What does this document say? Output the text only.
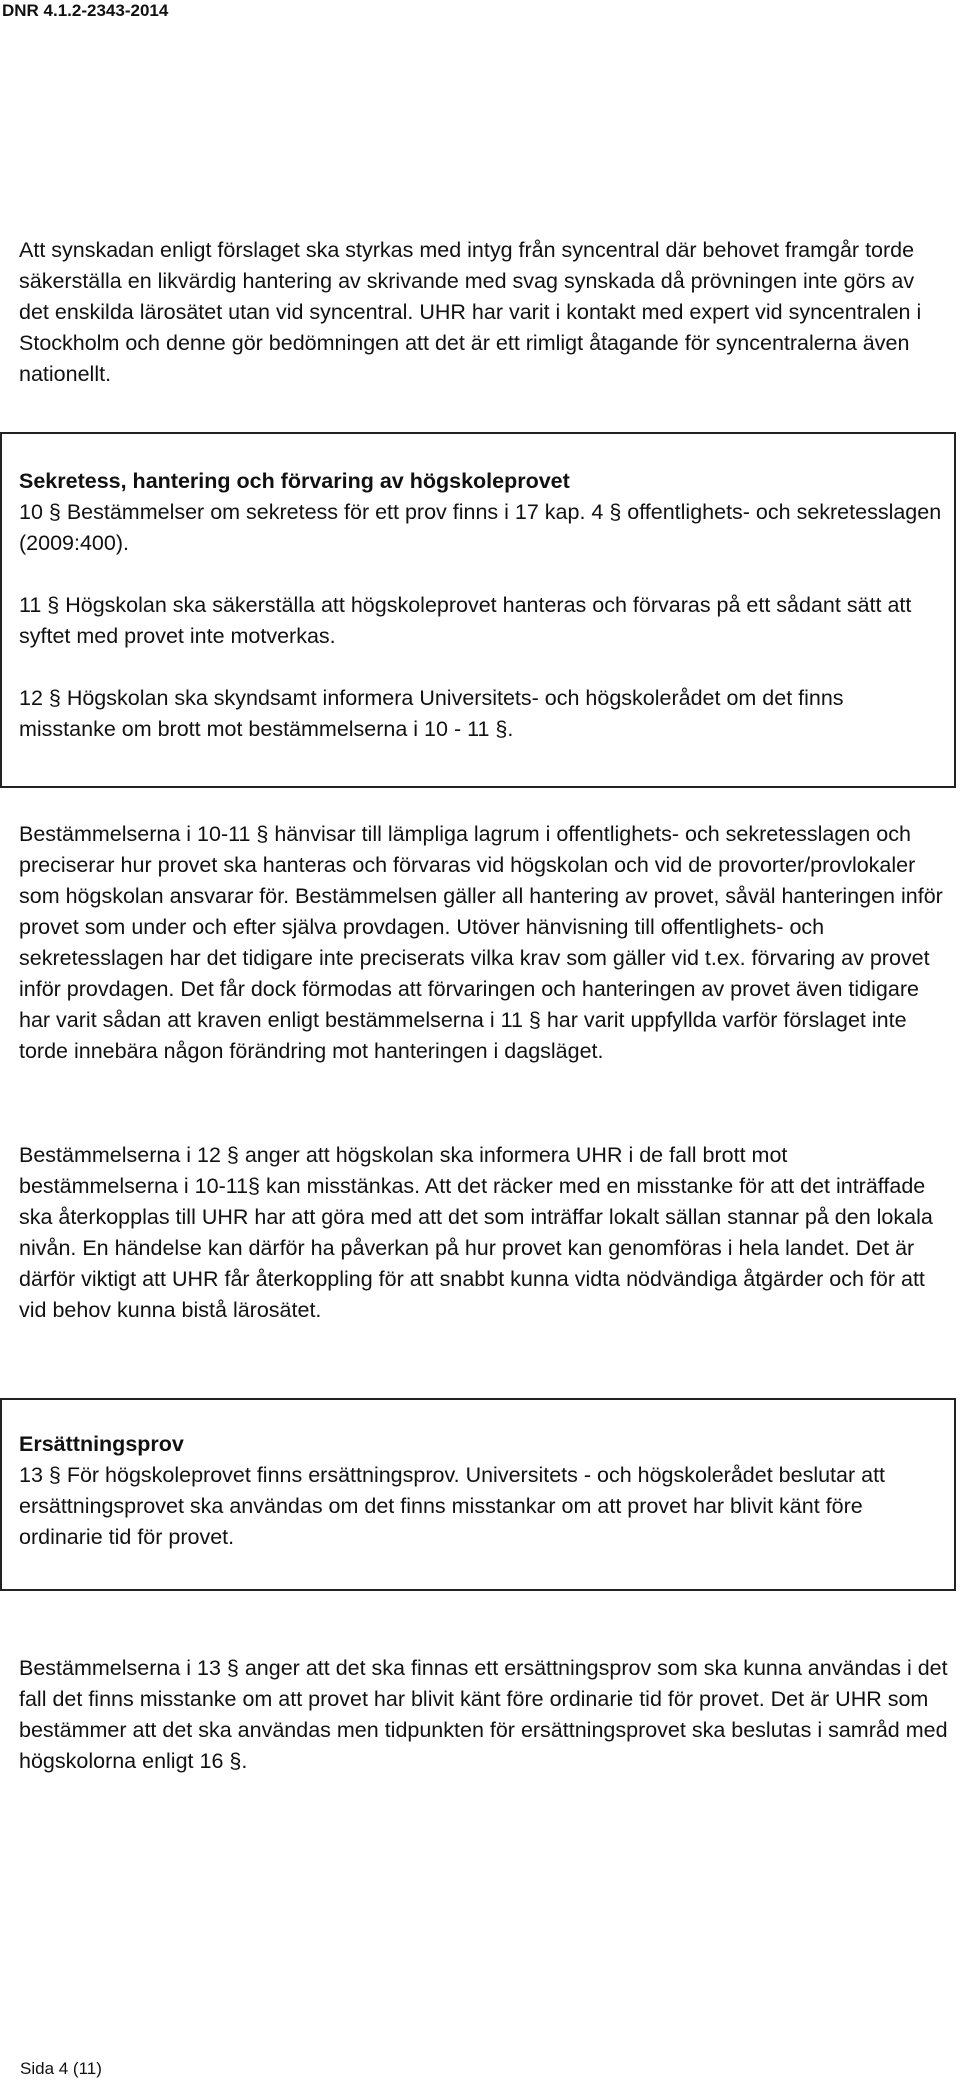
DNR 4.1.2-2343-2014

Att synskadan enligt förslaget ska styrkas med intyg från syncentral där behovet framgår torde säkerställa en likvärdig hantering av skrivande med svag synskada då prövningen inte görs av det enskilda lärosätet utan vid syncentral. UHR har varit i kontakt med expert vid syncentralen i Stockholm och denne gör bedömningen att det är ett rimligt åtagande för syncentralerna även nationellt.

Sekretess, hantering och förvaring av högskoleprovet

10 § Bestämmelser om sekretess för ett prov finns i 17 kap. 4 § offentlighets- och sekretesslagen (2009:400).

11 § Högskolan ska säkerställa att högskoleprovet hanteras och förvaras på ett sådant sätt att syftet med provet inte motverkas.

12 § Högskolan ska skyndsamt informera Universitets- och högskolerådet om det finns misstanke om brott mot bestämmelserna i 10 - 11 §.

Bestämmelserna i 10-11 § hänvisar till lämpliga lagrum i offentlighets- och sekretesslagen och preciserar hur provet ska hanteras och förvaras vid högskolan och vid de provorter/provlokaler som högskolan ansvarar för. Bestämmelsen gäller all hantering av provet, såväl hanteringen inför provet som under och efter själva provdagen. Utöver hänvisning till offentlighets- och sekretesslagen har det tidigare inte preciserats vilka krav som gäller vid t.ex. förvaring av provet inför provdagen. Det får dock förmodas att förvaringen och hanteringen av provet även tidigare har varit sådan att kraven enligt bestämmelserna i 11 § har varit uppfyllda varför förslaget inte torde innebära någon förändring mot hanteringen i dagsläget.

Bestämmelserna i 12 § anger att högskolan ska informera UHR i de fall brott mot bestämmelserna i 10-11§ kan misstänkas. Att det räcker med en misstanke för att det inträffade ska återkopplas till UHR har att göra med att det som inträffar lokalt sällan stannar på den lokala nivån. En händelse kan därför ha påverkan på hur provet kan genomföras i hela landet. Det är därför viktigt att UHR får återkoppling för att snabbt kunna vidta nödvändiga åtgärder och för att vid behov kunna bistå lärosätet.

Ersättningsprov

13 § För högskoleprovet finns ersättningsprov. Universitets - och högskolerådet beslutar att ersättningsprovet ska användas om det finns misstankar om att provet har blivit känt före ordinarie tid för provet.

Bestämmelserna i 13 § anger att det ska finnas ett ersättningsprov som ska kunna användas i det fall det finns misstanke om att provet har blivit känt före ordinarie tid för provet. Det är UHR som bestämmer att det ska användas men tidpunkten för ersättningsprovet ska beslutas i samråd med högskolorna enligt 16 §.

Sida 4 (11)
